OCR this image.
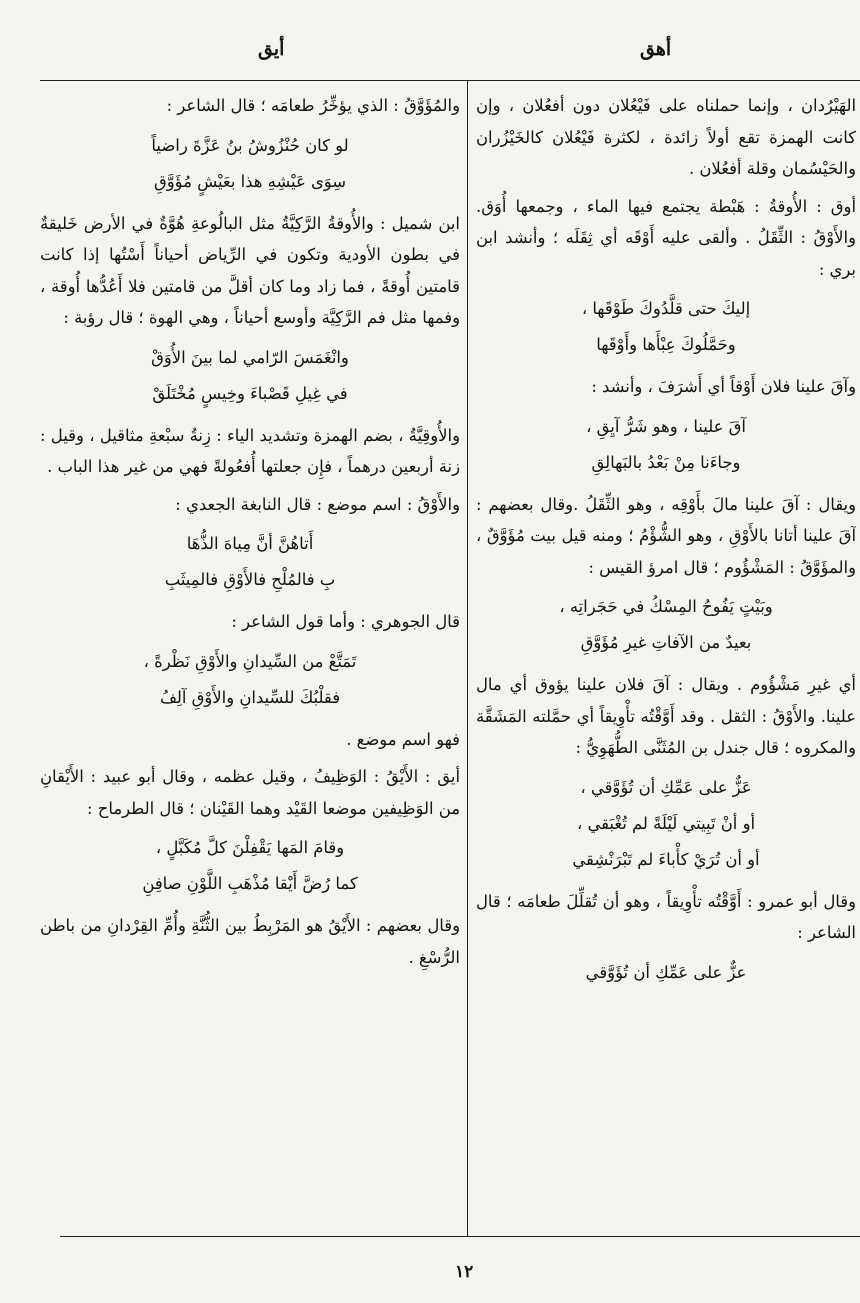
أيق	أهق
الهَيْرُدان ، وإنما حملناه على فَيْعُلان دون أفعُلان ، وإن كانت الهمزة تقع أولاً زائدة ، لكثرة فَيْعُلان كالخَيْزُران والحَيْسُمان وقلة أفعُلان .
أوق : الأُوقةُ : هَبْطة يجتمع فيها الماء ، وجمعها أُوَق. والأَوْقُ : الثِّقَلُ . وألقى عليه أَوْقَه أي ثِقَلَه ؛ وأنشد ابن بري :
إليكَ حتى قلَّدُوكَ طَوْقَها ،
وحَمَّلُوكَ عِبْأَها وأَوْقَها
وآقَ علينا فلان أَوْقاً أي أَشرَفَ ، وأنشد :
آقَ علينا ، وهو شَرُّ آيِقِ ،
وجاءَنا مِنْ بَعْدُ بالبَهالِقِ
ويقال : آقَ علينا مالَ بأَوْقِه ، وهو الثِّقَلُ .وقال بعضهم : آقَ علينا أتانا بالأَوْقِ ، وهو الشُّؤْمُ ؛ ومنه قيل بيت مُؤَوَّقٌ ، والمؤَوَّقُ : المَشْؤُوم ؛ قال امرؤ القيس :
وبَيْتٍ يَفُوحُ المِسْكُ في حَجَراتِه ،
بعيدٌ من الآفاتِ غيرِ مُؤَوَّقِ
أي غيرِ مَشْؤُوم . ويقال : آقَ فلان علينا يؤوق أي مال علينا. والأَوْقُ : الثقل . وقد أَوَّقْتُه تأْوِيقاً أي حمَّلته المَشَقَّة والمكروه ؛ قال جندل بن المُثَنَّى الطُّهَوِيُّ :
عَزٌّ على عَمِّكِ أن تُؤَوَّقي ،
أو أنْ تَبِيتي لَيْلَةً لم تُغْبَقي ،
أو أن تُرَيْ كأْباءَ لم تَبْرَنْشِقي
وقال أبو عمرو : أَوَّقْتُه تأْوِيقاً ، وهو أن تُقلِّلَ طعامَه ؛ قال الشاعر :
عزٌّ على عَمِّكِ أن تُؤَوَّقي
والمُؤَوَّقُ : الذي يؤخِّرُ طعامَه ؛ قال الشاعر :
لو كان حُنْزُوشُ بنُ عَزَّةَ راضياً
سِوَى عَيْشِهِ هذا بعَيْشٍ مُؤَوَّقِ
ابن شميل : والأُوقةُ الرَّكِيَّةُ مثل البالُوعةِ هُوَّةٌ في الأرض خَليقةٌ في بطون الأودية وتكون في الرِّياض أحياناً أَسْتُها إذا كانت قامتين أُوقةً ، فما زاد وما كان أقلَّ من قامتين فلا أَعُدُّها أُوقة ، وفمها مثل فم الرَّكِيَّة وأوسع أحياناً ، وهي الهوة ؛ قال رؤبة :
وانْغَمَسَ الرّامي لما بينَ الأُوَقْ
في غِيلِ قَصْباءَ وخِيسٍ مُخْتَلَقْ
والأُوقِيَّةُ ، بضم الهمزة وتشديد الياء : زِنةُ سبْعةِ مثاقيل ، وقيل : زنة أربعين درهماً ، فإِن جعلتها أُفعُولةً فهي من غير هذا الباب .
والأَوْقُ : اسم موضع : قال النابغة الجعدي :
أَتاهُنَّ أنَّ مِياهَ الذُّهَا
بِ فالمُلْحِ فالأَوْقِ فالمِيثَبِ
قال الجوهري : وأما قول الشاعر :
تَمَتَّعْ من السِّيدانِ والأَوْقِ نَظْرةً ،
فقلْبُكَ للسِّيدانِ والأَوْقِ آلِفُ
فهو اسم موضع .
أيق : الأَيْقُ : الوَظِيفُ ، وقيل عظمه ، وقال أبو عبيد : الأَيْقانِ من الوَظِيفين موضعا القَيْد وهما القَيْنان ؛ قال الطرماح :
وقامَ المَها يَقْفِلْنَ كلَّ مُكَبَّلٍ ،
كما رُضَّ أَيْقا مُذْهَبِ اللَّوْنِ صافِنِ
وقال بعضهم : الأَيْقُ هو المَرْبِطُ بين الثُّنَّةِ وأُمِّ القِرْدانِ من باطن الرُّسْغِ .
١٢
